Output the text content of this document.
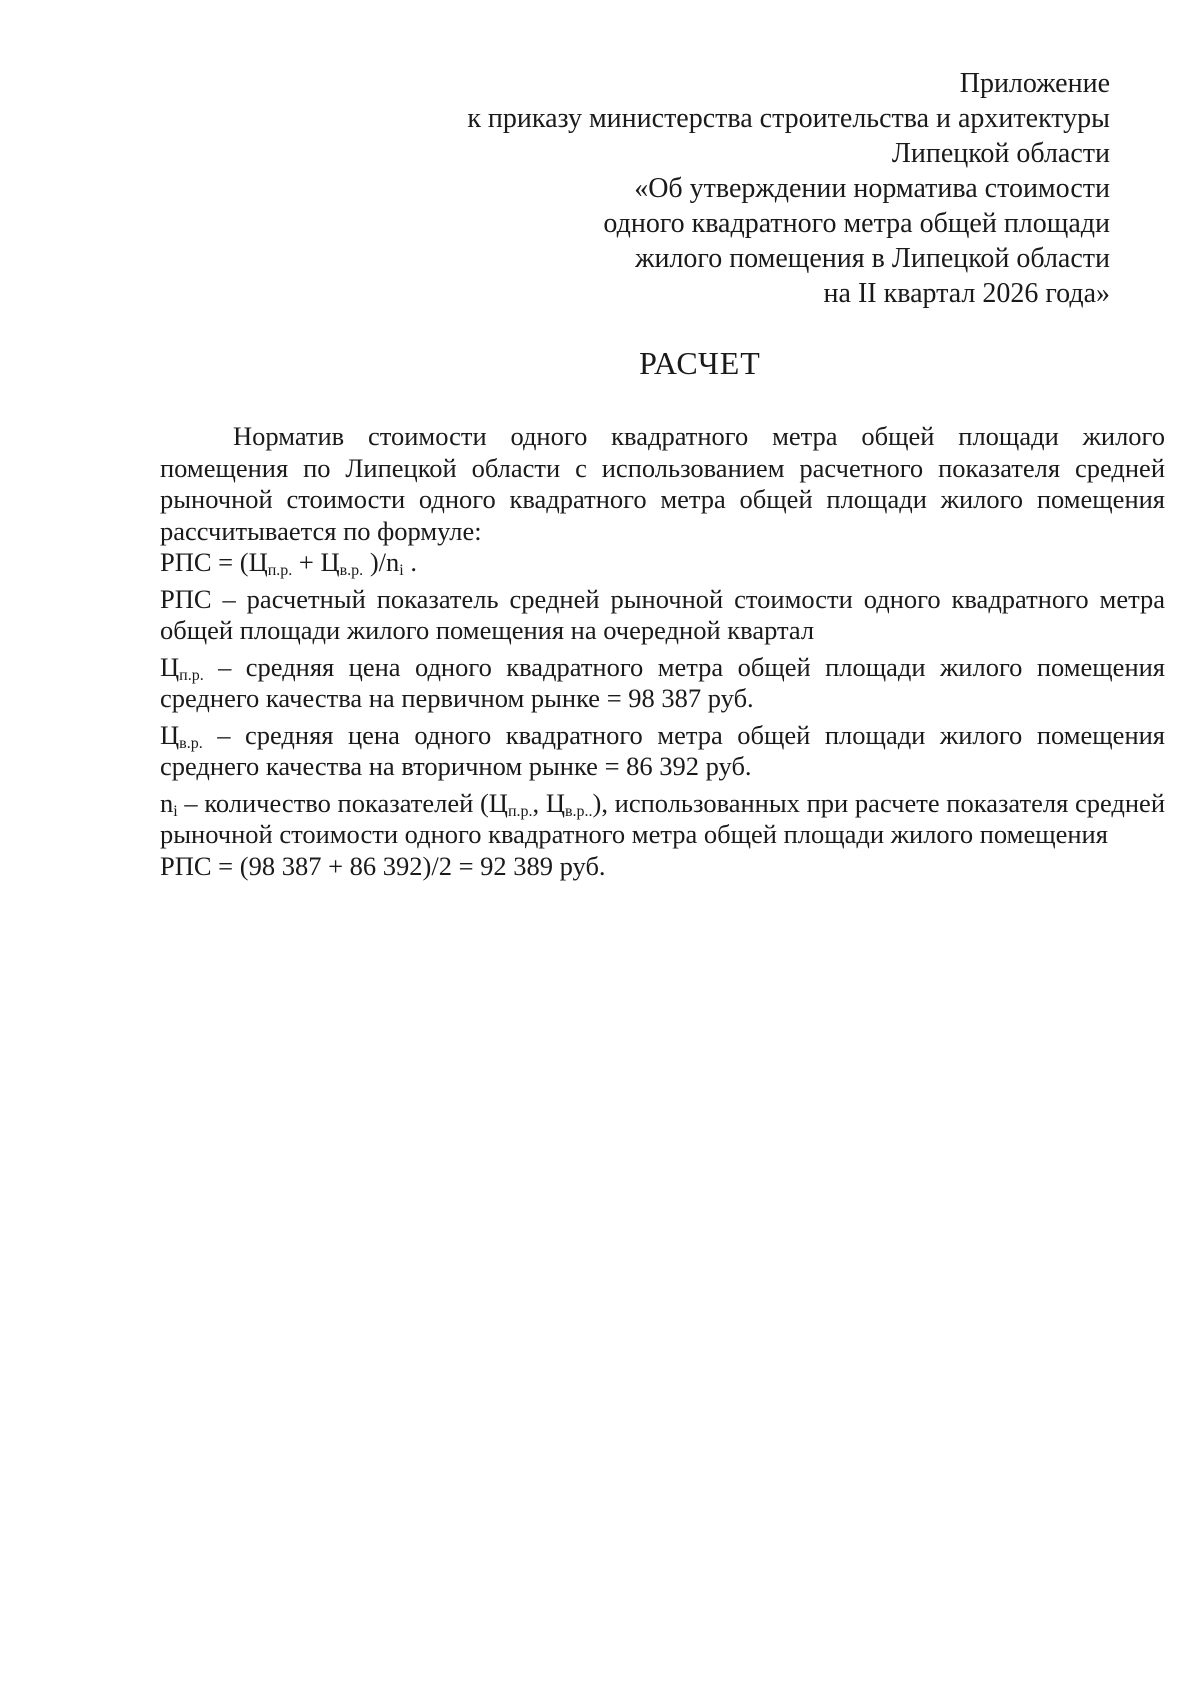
Приложение
к приказу министерства строительства и архитектуры
Липецкой области
«Об утверждении норматива стоимости
одного квадратного метра общей площади
жилого помещения в Липецкой области
на II квартал 2026 года»
РАСЧЕТ

Норматив стоимости одного квадратного метра общей площади жилого помещения по Липецкой области с использованием расчетного показателя средней рыночной стоимости одного квадратного метра общей площади жилого помещения рассчитывается по формуле:

РПС = ($Ц_{п.р.} + Ц_{в.р.}$ )$/n_i$ .

РПС – расчетный показатель средней рыночной стоимости одного квадратного метра общей площади жилого помещения на очередной квартал

$Ц_{п.р.}$ – средняя цена одного квадратного метра общей площади жилого помещения среднего качества на первичном рынке = 98 387 руб.

$Ц_{в.р.}$ – средняя цена одного квадратного метра общей площади жилого помещения среднего качества на вторичном рынке = 86 392 руб.

$n_i$ – количество показателей ($Ц_{п.р.}$, $Ц_{в.р..}$), использованных при расчете показателя средней рыночной стоимости одного квадратного метра общей площади жилого помещения

РПС = (98 387 + 86 392)/2 = 92 389 руб.
